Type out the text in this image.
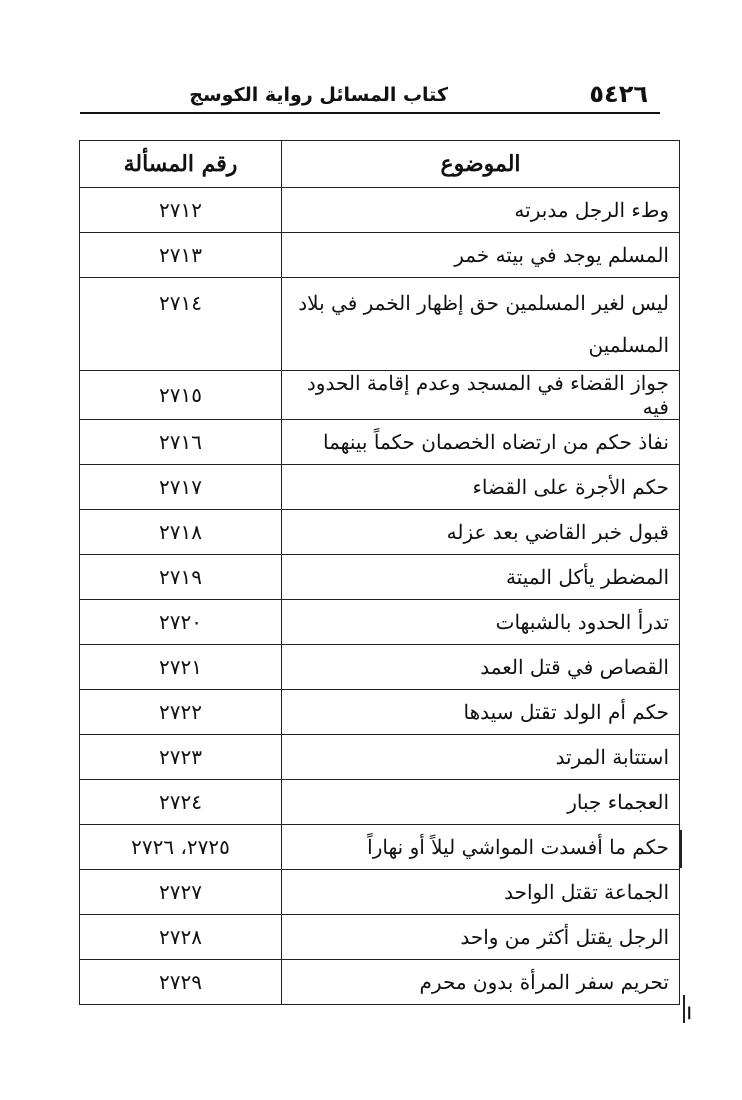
٥٤٢٦
كتاب المسائل رواية الكوسج
الموضوع	رقم المسألة
وطء الرجل مدبرته	٢٧١٢
المسلم يوجد في بيته خمر	٢٧١٣
ليس لغير المسلمين حق إظهار الخمر في بلاد المسلمين	٢٧١٤
جواز القضاء في المسجد وعدم إقامة الحدود فيه	٢٧١٥
نفاذ حكم من ارتضاه الخصمان حكماً بينهما	٢٧١٦
حكم الأجرة على القضاء	٢٧١٧
قبول خبر القاضي بعد عزله	٢٧١٨
المضطر يأكل الميتة	٢٧١٩
تدرأ الحدود بالشبهات	٢٧٢٠
القصاص في قتل العمد	٢٧٢١
حكم أم الولد تقتل سيدها	٢٧٢٢
استتابة المرتد	٢٧٢٣
العجماء جبار	٢٧٢٤
حكم ما أفسدت المواشي ليلاً أو نهاراً	٢٧٢٥، ٢٧٢٦
الجماعة تقتل الواحد	٢٧٢٧
الرجل يقتل أكثر من واحد	٢٧٢٨
تحريم سفر المرأة بدون محرم	٢٧٢٩
ا
